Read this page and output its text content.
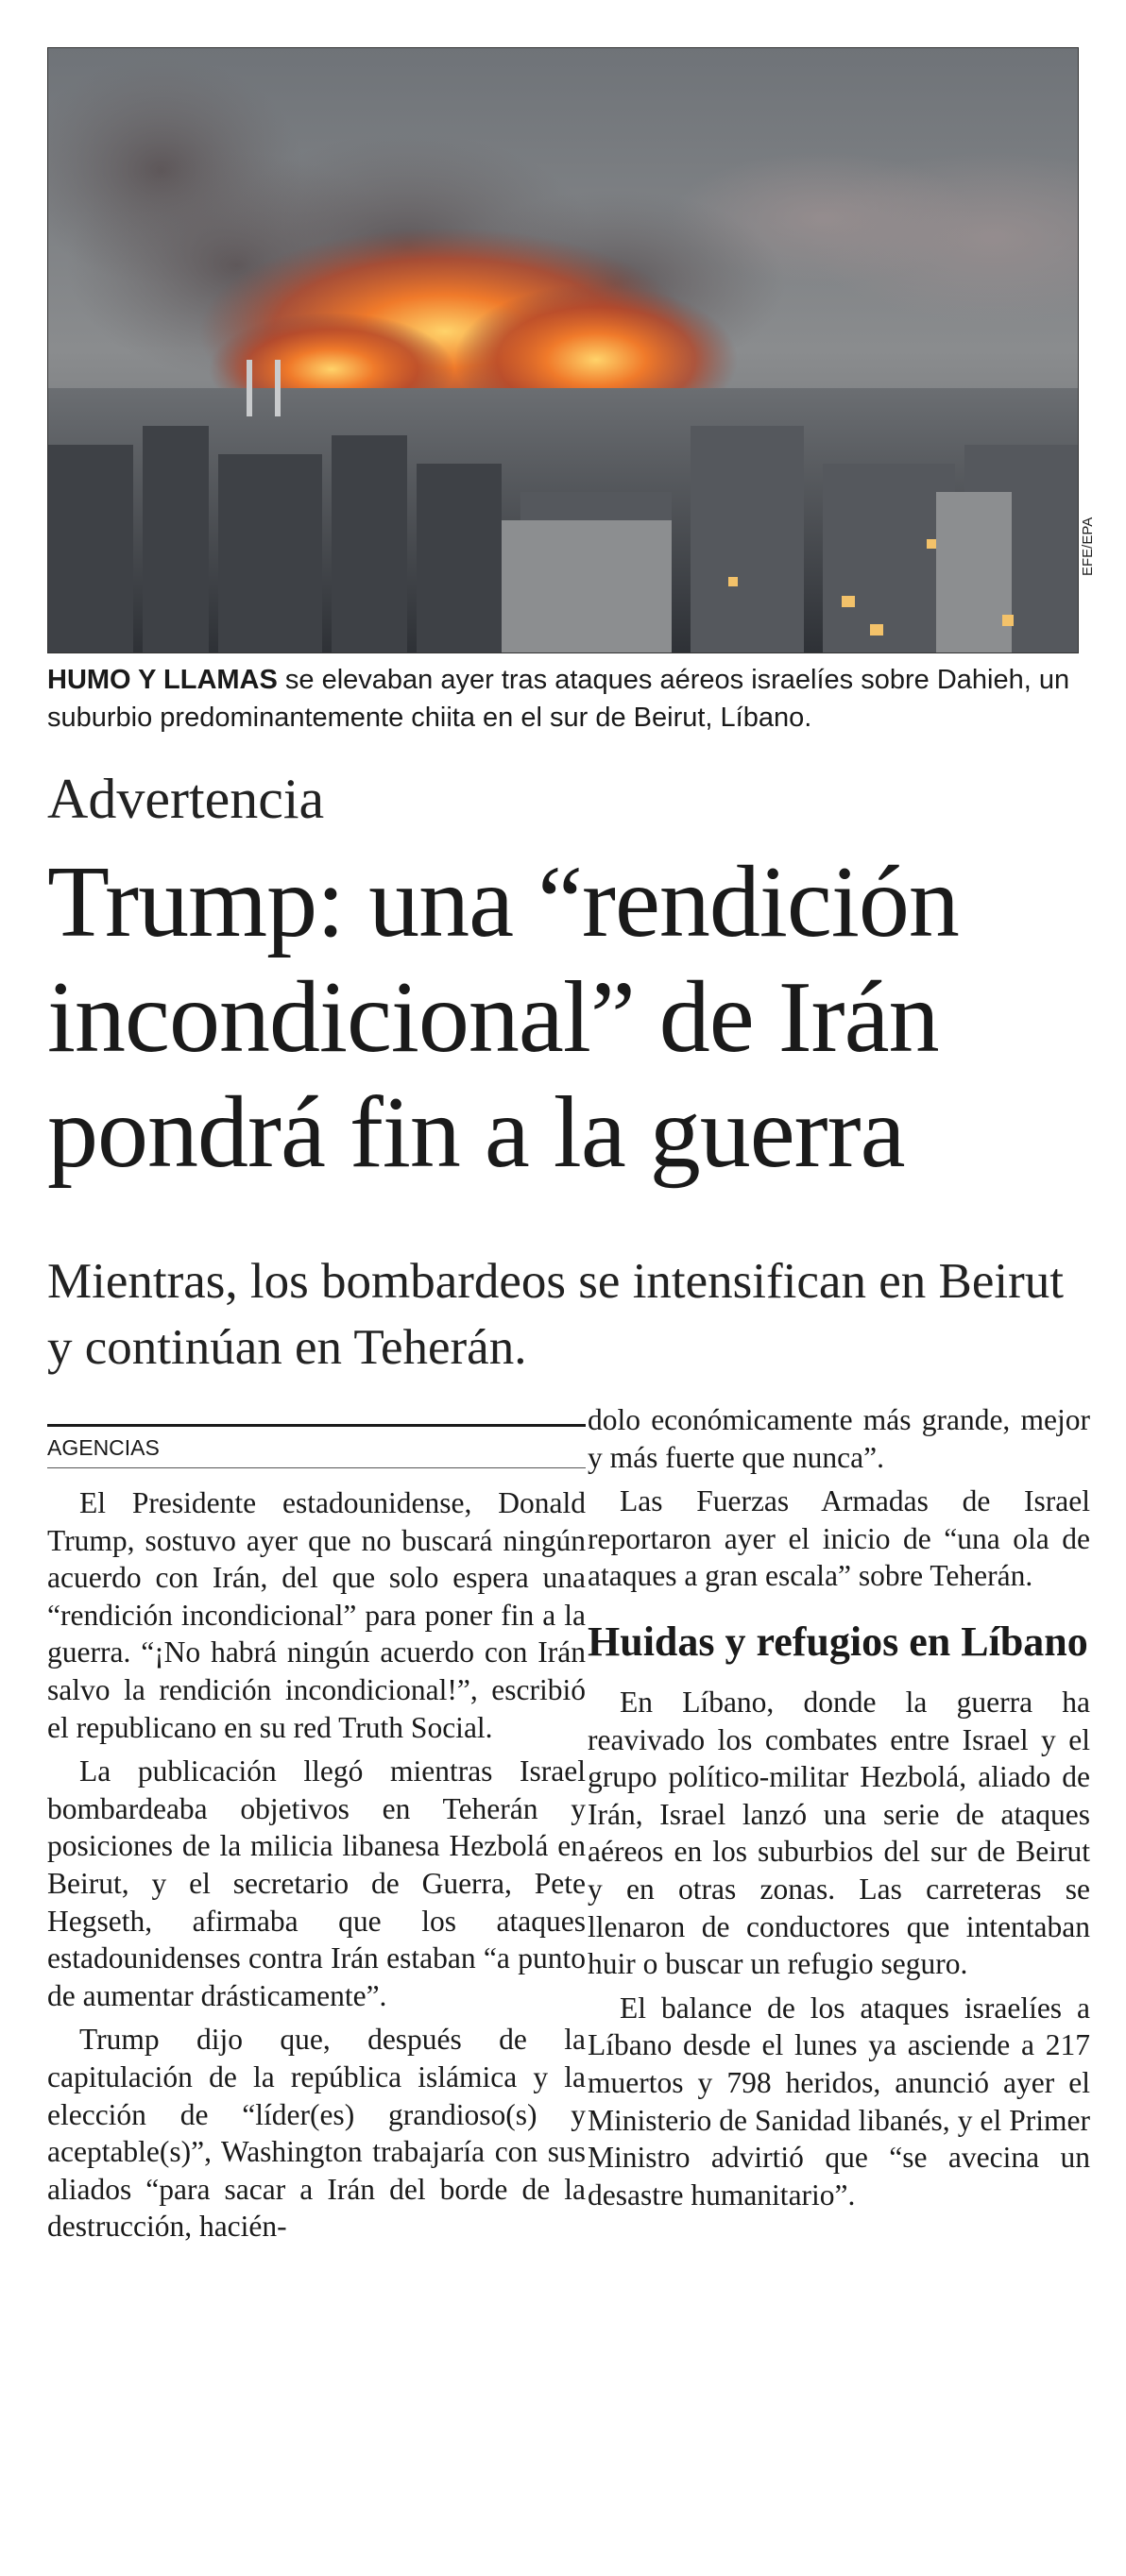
EFE/EPA

HUMO Y LLAMAS se elevaban ayer tras ataques aéreos israelíes sobre Dahieh, un suburbio predominantemente chiita en el sur de Beirut, Líbano.

Advertencia
Trump: una “rendición incondicional” de Irán pondrá fin a la guerra

Mientras, los bombardeos se intensifican en Beirut y continúan en Teherán.

AGENCIAS

El Presidente estadounidense, Donald Trump, sostuvo ayer que no buscará ningún acuerdo con Irán, del que solo espera una “rendición incondicional” para poner fin a la guerra. “¡No habrá ningún acuerdo con Irán salvo la rendición incondicional!”, escribió el republicano en su red Truth Social.

La publicación llegó mientras Israel bombardeaba objetivos en Teherán y posiciones de la milicia libanesa Hezbolá en Beirut, y el secretario de Guerra, Pete Hegseth, afirmaba que los ataques estadounidenses contra Irán estaban “a punto de aumentar drásticamente”.

Trump dijo que, después de la capitulación de la república islámica y la elección de “líder(es) grandioso(s) y aceptable(s)”, Washington trabajaría con sus aliados “para sacar a Irán del borde de la destrucción, hacién-

dolo económicamente más grande, mejor y más fuerte que nunca”.

Las Fuerzas Armadas de Israel reportaron ayer el inicio de “una ola de ataques a gran escala” sobre Teherán.

Huidas y refugios en Líbano

En Líbano, donde la guerra ha reavivado los combates entre Israel y el grupo político-militar Hezbolá, aliado de Irán, Israel lanzó una serie de ataques aéreos en los suburbios del sur de Beirut y en otras zonas. Las carreteras se llenaron de conductores que intentaban huir o buscar un refugio seguro.

El balance de los ataques israelíes a Líbano desde el lunes ya asciende a 217 muertos y 798 heridos, anunció ayer el Ministerio de Sanidad libanés, y el Primer Ministro advirtió que “se avecina un desastre humanitario”.
